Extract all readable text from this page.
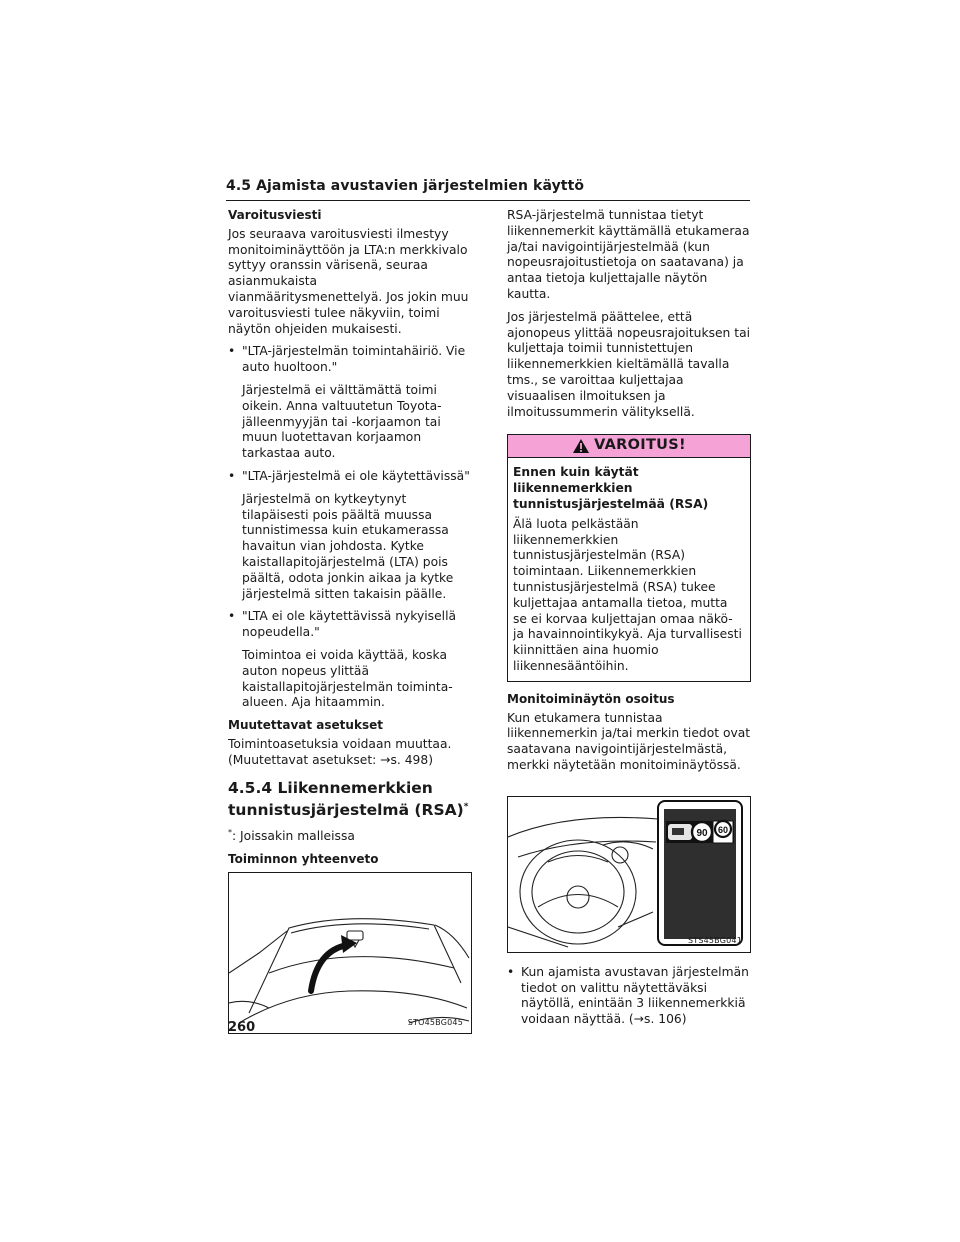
4.5 Ajamista avustavien järjestelmien käyttö
Varoitusviesti

Jos seuraava varoitusviesti ilmestyy monitoiminäyttöön ja LTA:n merkkivalo syttyy oranssin värisenä, seuraa asianmukaista vianmääritysmenettelyä. Jos jokin muu varoitusviesti tulee näkyviin, toimi näytön ohjeiden mukaisesti.

• "LTA-järjestelmän toimintahäiriö. Vie auto huoltoon."

Järjestelmä ei välttämättä toimi oikein. Anna valtuutetun Toyota-jälleenmyyjän tai -korjaamon tai muun luotettavan korjaamon tarkastaa auto.

• "LTA-järjestelmä ei ole käytettävissä"

Järjestelmä on kytkeytynyt tilapäisesti pois päältä muussa tunnistimessa kuin etukamerassa havaitun vian johdosta. Kytke kaistallapitojärjestelmä (LTA) pois päältä, odota jonkin aikaa ja kytke järjestelmä sitten takaisin päälle.

• "LTA ei ole käytettävissä nykyisellä nopeudella."

Toimintoa ei voida käyttää, koska auton nopeus ylittää kaistallapitojärjestelmän toiminta-alueen. Aja hitaammin.

Muutettavat asetukset

Toimintoasetuksia voidaan muuttaa. (Muutettavat asetukset: →s. 498)

4.5.4 Liikennemerkkien tunnistusjärjestelmä (RSA)*

*: Joissakin malleissa

Toiminnon yhteenveto
STO45BG045

RSA-järjestelmä tunnistaa tietyt liikennemerkit käyttämällä etukameraa ja/tai navigointijärjestelmää (kun nopeusrajoitustietoja on saatavana) ja antaa tietoja kuljettajalle näytön kautta.

Jos järjestelmä päättelee, että ajonopeus ylittää nopeusrajoituksen tai kuljettaja toimii tunnistettujen liikennemerkkien kieltämällä tavalla tms., se varoittaa kuljettajaa visuaalisen ilmoituksen ja ilmoitussummerin välityksellä.

VAROITUS!

Ennen kuin käytät liikennemerkkien tunnistusjärjestelmää (RSA)

Älä luota pelkästään liikennemerkkien tunnistusjärjestelmän (RSA) toimintaan. Liikennemerkkien tunnistusjärjestelmä (RSA) tukee kuljettajaa antamalla tietoa, mutta se ei korvaa kuljettajan omaa näkö- ja havainnointikykyä. Aja turvallisesti kiinnittäen aina huomio liikennesääntöihin.

Monitoiminäytön osoitus

Kun etukamera tunnistaa liikennemerkin ja/tai merkin tiedot ovat saatavana navigointijärjestelmästä, merkki näytetään monitoiminäytössä.

90 60
STS45BG041
• Kun ajamista avustavan järjestelmän tiedot on valittu näytettäväksi näytöllä, enintään 3 liikennemerkkiä voidaan näyttää. (→s. 106)
260
